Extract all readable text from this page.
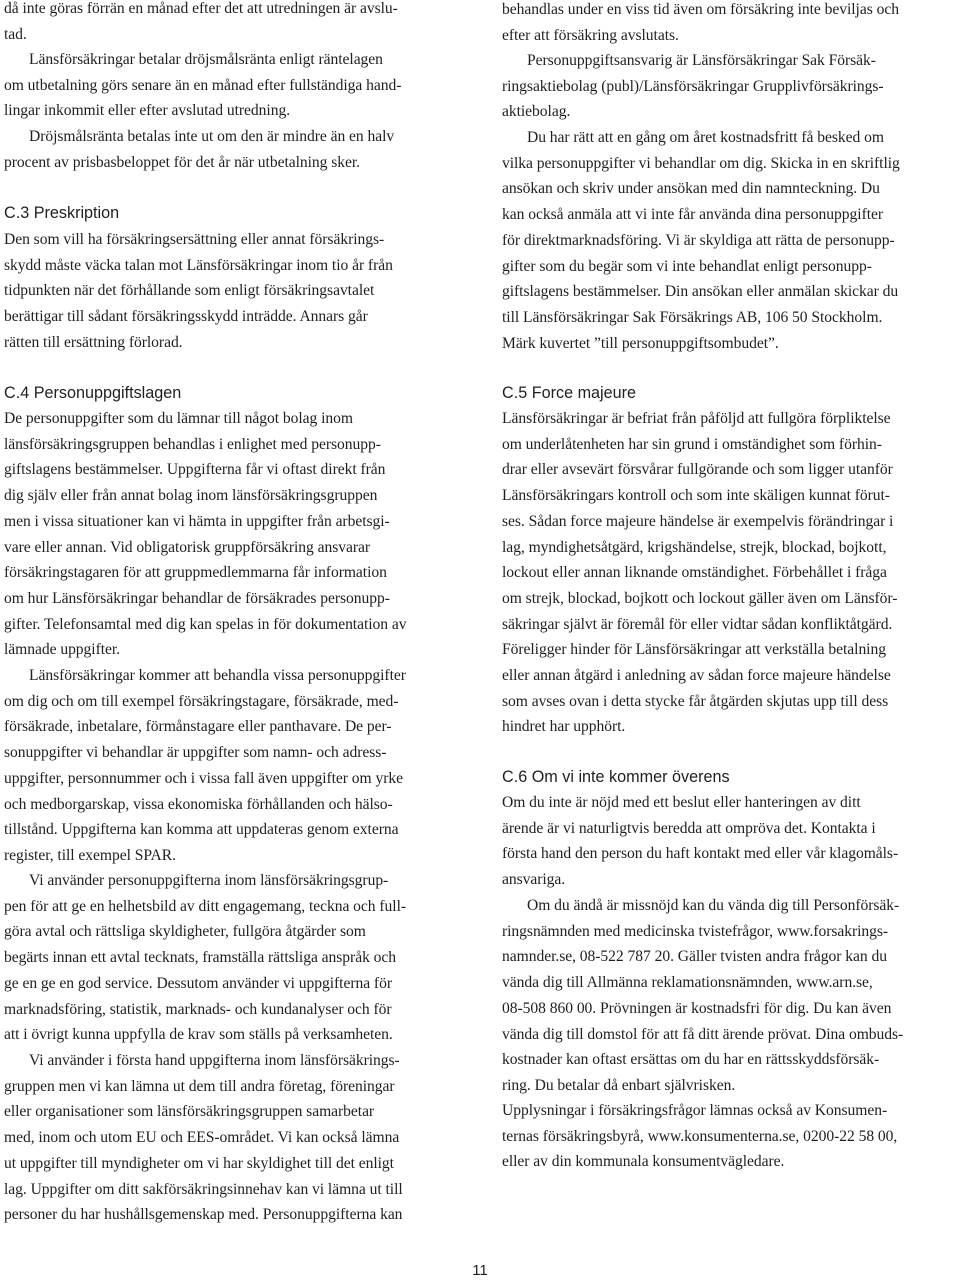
då inte göras förrän en månad efter det att utredningen är avslu-

tad.

Länsförsäkringar betalar dröjsmålsränta enligt räntelagen

om utbetalning görs senare än en månad efter fullständiga hand-

lingar inkommit eller efter avslutad utredning.

Dröjsmålsränta betalas inte ut om den är mindre än en halv

procent av prisbasbeloppet för det år när utbetalning sker.

C.3 Preskription

Den som vill ha försäkringsersättning eller annat försäkrings-

skydd måste väcka talan mot Länsförsäkringar inom tio år från

tidpunkten när det förhållande som enligt försäkringsavtalet

berättigar till sådant försäkringsskydd inträdde. Annars går

rätten till ersättning förlorad.

C.4 Personuppgiftslagen

De personuppgifter som du lämnar till något bolag inom

länsförsäkringsgruppen behandlas i enlighet med personupp-

giftslagens bestämmelser. Uppgifterna får vi oftast direkt från

dig själv eller från annat bolag inom länsförsäkringsgruppen

men i vissa situationer kan vi hämta in uppgifter från arbetsgi-

vare eller annan. Vid obligatorisk gruppförsäkring ansvarar

försäkringstagaren för att gruppmedlemmarna får information

om hur Länsförsäkringar behandlar de försäkrades personupp-

gifter. Telefonsamtal med dig kan spelas in för dokumentation av

lämnade uppgifter.

Länsförsäkringar kommer att behandla vissa personuppgifter

om dig och om till exempel försäkringstagare, försäkrade, med-

försäkrade, inbetalare, förmånstagare eller panthavare. De per-

sonuppgifter vi behandlar är uppgifter som namn- och adress-

uppgifter, personnummer och i vissa fall även uppgifter om yrke

och medborgarskap, vissa ekonomiska förhållanden och hälso-

tillstånd. Uppgifterna kan komma att uppdateras genom externa

register, till exempel SPAR.

Vi använder personuppgifterna inom länsförsäkringsgrup-

pen för att ge en helhetsbild av ditt engagemang, teckna och full-

göra avtal och rättsliga skyldigheter, fullgöra åtgärder som

begärts innan ett avtal tecknats, framställa rättsliga anspråk och

ge en ge en god service. Dessutom använder vi uppgifterna för

marknadsföring, statistik, marknads- och kundanalyser och för

att i övrigt kunna uppfylla de krav som ställs på verksamheten.

Vi använder i första hand uppgifterna inom länsförsäkrings-

gruppen men vi kan lämna ut dem till andra företag, föreningar

eller organisationer som länsförsäkringsgruppen samarbetar

med, inom och utom EU och EES-området. Vi kan också lämna

ut uppgifter till myndigheter om vi har skyldighet till det enligt

lag. Uppgifter om ditt sakförsäkringsinnehav kan vi lämna ut till

personer du har hushållsgemenskap med. Personuppgifterna kan

behandlas under en viss tid även om försäkring inte beviljas och

efter att försäkring avslutats.

Personuppgiftsansvarig är Länsförsäkringar Sak Försäk-

ringsaktiebolag (publ)/Länsförsäkringar Grupplivförsäkrings-

aktiebolag.

Du har rätt att en gång om året kostnadsfritt få besked om

vilka personuppgifter vi behandlar om dig. Skicka in en skriftlig

ansökan och skriv under ansökan med din namnteckning. Du

kan också anmäla att vi inte får använda dina personuppgifter

för direktmarknadsföring. Vi är skyldiga att rätta de personupp-

gifter som du begär som vi inte behandlat enligt personupp-

giftslagens bestämmelser. Din ansökan eller anmälan skickar du

till Länsförsäkringar Sak Försäkrings AB, 106 50 Stockholm.

Märk kuvertet ”till personuppgiftsombudet”.

C.5 Force majeure

Länsförsäkringar är befriat från påföljd att fullgöra förpliktelse

om underlåtenheten har sin grund i omständighet som förhin-

drar eller avsevärt försvårar fullgörande och som ligger utanför

Länsförsäkringars kontroll och som inte skäligen kunnat förut-

ses. Sådan force majeure händelse är exempelvis förändringar i

lag, myndighetsåtgärd, krigshändelse, strejk, blockad, bojkott,

lockout eller annan liknande omständighet. Förbehållet i fråga

om strejk, blockad, bojkott och lockout gäller även om Länsför-

säkringar självt är föremål för eller vidtar sådan konfliktåtgärd.

Föreligger hinder för Länsförsäkringar att verkställa betalning

eller annan åtgärd i anledning av sådan force majeure händelse

som avses ovan i detta stycke får åtgärden skjutas upp till dess

hindret har upphört.

C.6 Om vi inte kommer överens

Om du inte är nöjd med ett beslut eller hanteringen av ditt

ärende är vi naturligtvis beredda att ompröva det. Kontakta i

första hand den person du haft kontakt med eller vår klagomåls-

ansvariga.

Om du ändå är missnöjd kan du vända dig till Personförsäk-

ringsnämnden med medicinska tvistefrågor, www.forsakrings-

namnder.se, 08-522 787 20. Gäller tvisten andra frågor kan du

vända dig till Allmänna reklamationsnämnden, www.arn.se,

08-508 860 00. Prövningen är kostnadsfri för dig. Du kan även

vända dig till domstol för att få ditt ärende prövat. Dina ombuds-

kostnader kan oftast ersättas om du har en rättsskyddsförsäk-

ring. Du betalar då enbart självrisken.

Upplysningar i försäkringsfrågor lämnas också av Konsumen-

ternas försäkringsbyrå, www.konsumenterna.se, 0200-22 58 00,

eller av din kommunala konsumentvägledare.

11
